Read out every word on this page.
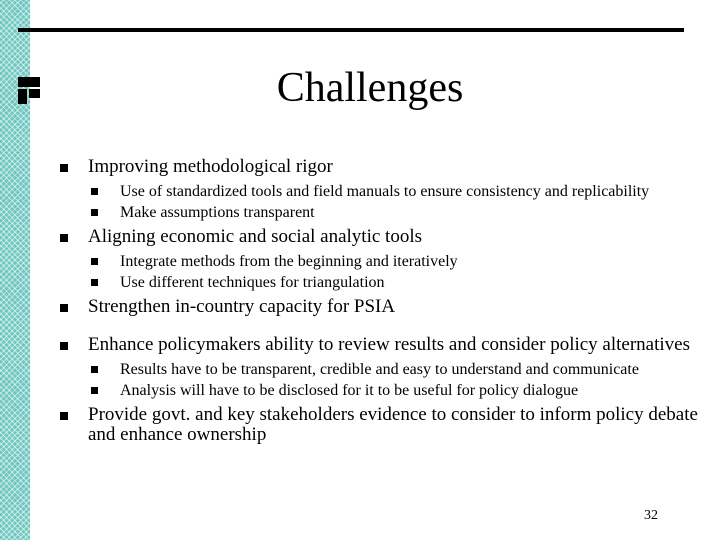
Challenges
Improving methodological rigor
Use of standardized tools and field manuals to ensure consistency and replicability
Make assumptions transparent
Aligning economic and social analytic tools
Integrate methods from the beginning and iteratively
Use different techniques for triangulation
Strengthen in-country capacity for PSIA
Enhance policymakers ability to review results and consider policy alternatives
Results have to be transparent, credible and easy to understand and communicate
Analysis will have to be disclosed for it to be useful for policy dialogue
Provide govt. and key stakeholders evidence to consider to inform policy debate and enhance ownership
32
